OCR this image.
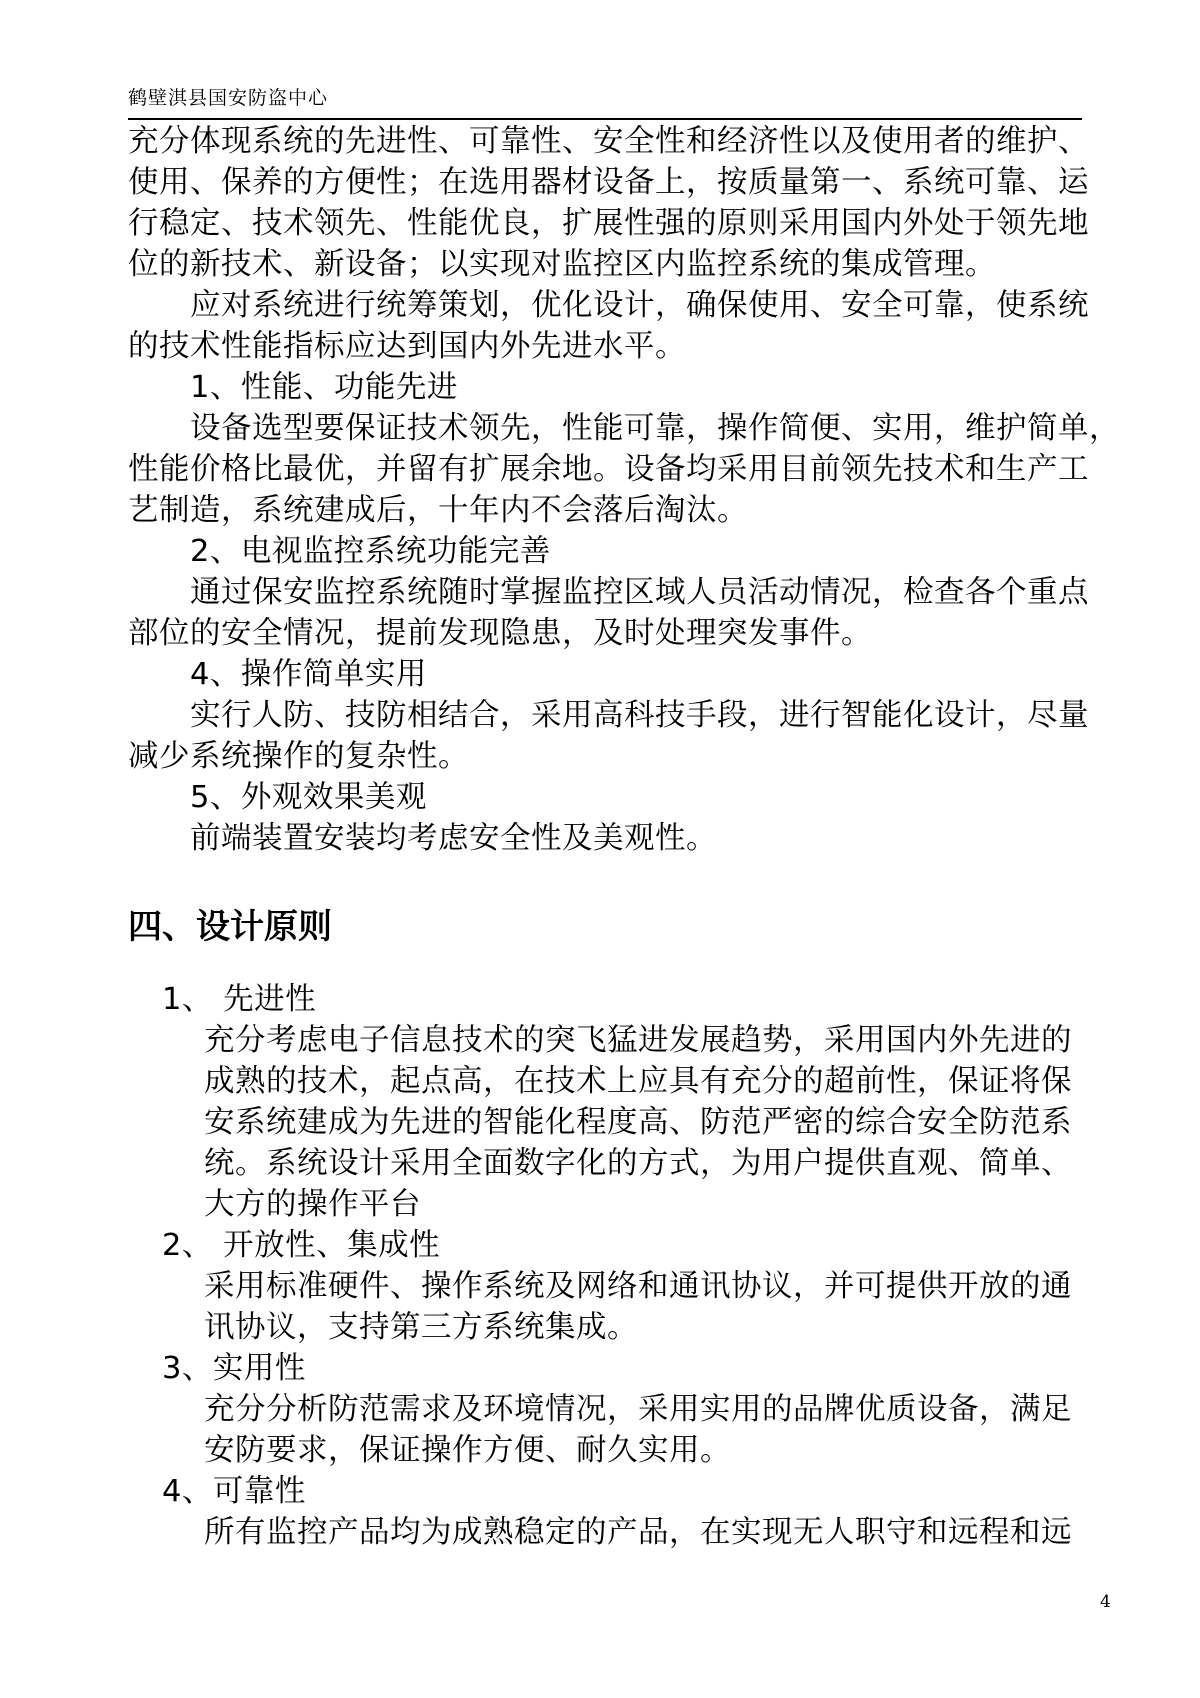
鹤壁淇县国安防盗中心
充分体现系统的先进性、可靠性、安全性和经济性以及使用者的维护、
使用、保养的方便性；在选用器材设备上，按质量第一、系统可靠、运
行稳定、技术领先、性能优良，扩展性强的原则采用国内外处于领先地
位的新技术、新设备；以实现对监控区内监控系统的集成管理。
应对系统进行统筹策划，优化设计，确保使用、安全可靠，使系统
的技术性能指标应达到国内外先进水平。
1、性能、功能先进
设备选型要保证技术领先，性能可靠，操作简便、实用，维护简单，
性能价格比最优，并留有扩展余地。设备均采用目前领先技术和生产工
艺制造，系统建成后，十年内不会落后淘汰。
2、电视监控系统功能完善
通过保安监控系统随时掌握监控区域人员活动情况，检查各个重点
部位的安全情况，提前发现隐患，及时处理突发事件。
4、操作简单实用
实行人防、技防相结合，采用高科技手段，进行智能化设计，尽量
减少系统操作的复杂性。
5、外观效果美观
前端装置安装均考虑安全性及美观性。
四、设计原则
1、 先进性
充分考虑电子信息技术的突飞猛进发展趋势，采用国内外先进的
成熟的技术，起点高，在技术上应具有充分的超前性，保证将保
安系统建成为先进的智能化程度高、防范严密的综合安全防范系
统。系统设计采用全面数字化的方式，为用户提供直观、简单、
大方的操作平台
2、 开放性、集成性
采用标准硬件、操作系统及网络和通讯协议，并可提供开放的通
讯协议，支持第三方系统集成。
3、实用性
充分分析防范需求及环境情况，采用实用的品牌优质设备，满足
安防要求，保证操作方便、耐久实用。
4、可靠性
所有监控产品均为成熟稳定的产品，在实现无人职守和远程和远
4
